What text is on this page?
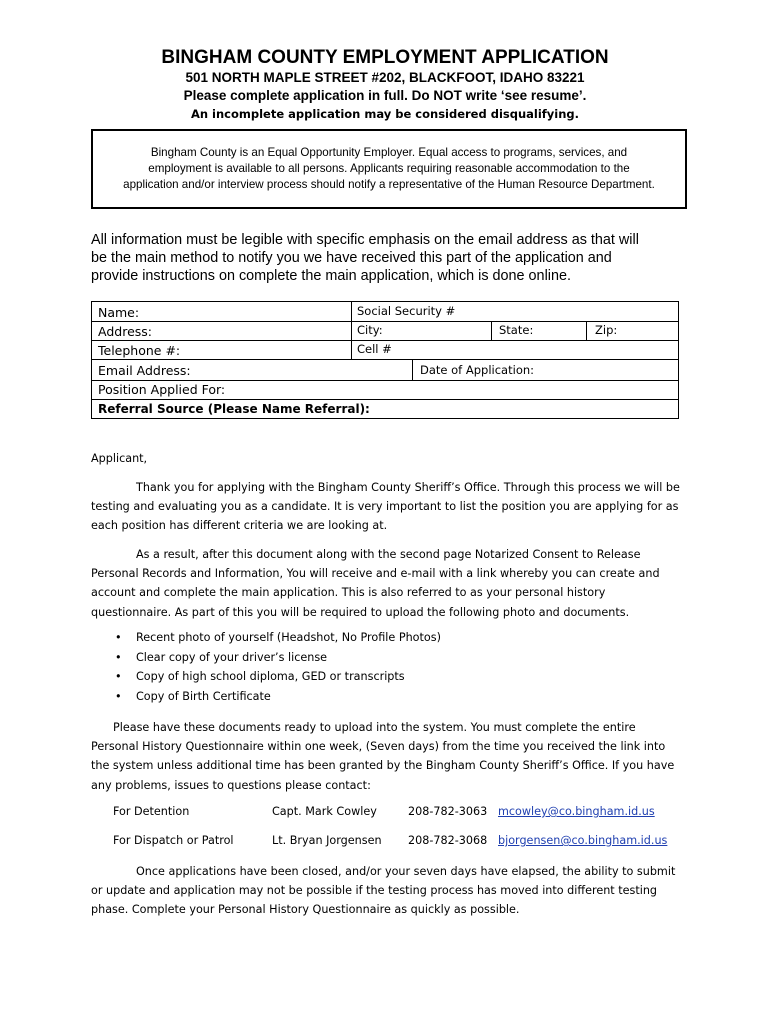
BINGHAM COUNTY EMPLOYMENT APPLICATION
501 NORTH MAPLE STREET #202, BLACKFOOT, IDAHO 83221
Please complete application in full. Do NOT write ‘see resume’.
An incomplete application may be considered disqualifying.
Bingham County is an Equal Opportunity Employer. Equal access to programs, services, and
employment is available to all persons. Applicants requiring reasonable accommodation to the
application and/or interview process should notify a representative of the Human Resource Department.
All information must be legible with specific emphasis on the email address as that will
be the main method to notify you we have received this part of the application and
provide instructions on complete the main application, which is done online.
Name:	Social Security #
Address:	City:	State:	Zip:
Telephone #:	Cell #
Email Address:	Date of Application:
Position Applied For:
Referral Source (Please Name Referral):
Applicant,
Thank you for applying with the Bingham County Sheriff’s Office. Through this process we will be
testing and evaluating you as a candidate. It is very important to list the position you are applying for as
each position has different criteria we are looking at.
As a result, after this document along with the second page Notarized Consent to Release
Personal Records and Information, You will receive and e-mail with a link whereby you can create and
account and complete the main application. This is also referred to as your personal history
questionnaire. As part of this you will be required to upload the following photo and documents.
• Recent photo of yourself (Headshot, No Profile Photos)
• Clear copy of your driver’s license
• Copy of high school diploma, GED or transcripts
• Copy of Birth Certificate
Please have these documents ready to upload into the system. You must complete the entire
Personal History Questionnaire within one week, (Seven days) from the time you received the link into
the system unless additional time has been granted by the Bingham County Sheriff’s Office. If you have
any problems, issues to questions please contact:
For Detention	Capt. Mark Cowley	208-782-3063 mcowley@co.bingham.id.us
For Dispatch or Patrol	Lt. Bryan Jorgensen 208-782-3068 bjorgensen@co.bingham.id.us
Once applications have been closed, and/or your seven days have elapsed, the ability to submit
or update and application may not be possible if the testing process has moved into different testing
phase. Complete your Personal History Questionnaire as quickly as possible.
